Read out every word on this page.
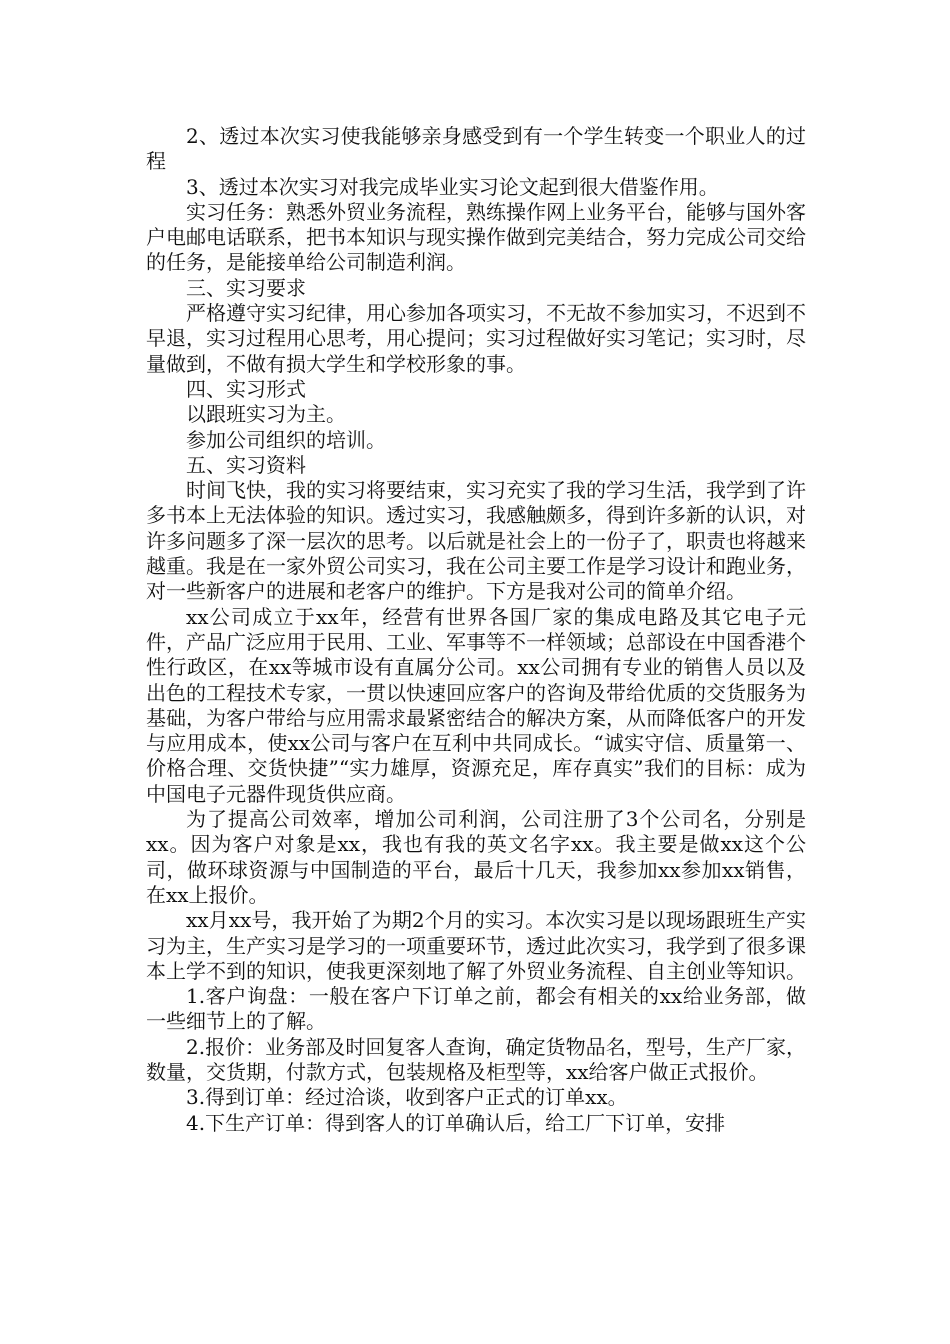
2、透过本次实习使我能够亲身感受到有一个学生转变一个职业人的过程

3、透过本次实习对我完成毕业实习论文起到很大借鉴作用。

实习任务：熟悉外贸业务流程，熟练操作网上业务平台，能够与国外客户电邮电话联系，把书本知识与现实操作做到完美结合，努力完成公司交给的任务，是能接单给公司制造利润。

三、实习要求

严格遵守实习纪律，用心参加各项实习，不无故不参加实习，不迟到不早退，实习过程用心思考，用心提问；实习过程做好实习笔记；实习时，尽量做到，不做有损大学生和学校形象的事。

四、实习形式

以跟班实习为主。

参加公司组织的培训。

五、实习资料

时间飞快，我的实习将要结束，实习充实了我的学习生活，我学到了许多书本上无法体验的知识。透过实习，我感触颇多，得到许多新的认识，对许多问题多了深一层次的思考。以后就是社会上的一份子了，职责也将越来越重。我是在一家外贸公司实习，我在公司主要工作是学习设计和跑业务，对一些新客户的进展和老客户的维护。下方是我对公司的简单介绍。

xx公司成立于xx年，经营有世界各国厂家的集成电路及其它电子元件，产品广泛应用于民用、工业、军事等不一样领域；总部设在中国香港个性行政区，在xx等城市设有直属分公司。xx公司拥有专业的销售人员以及出色的工程技术专家，一贯以快速回应客户的咨询及带给优质的交货服务为基础，为客户带给与应用需求最紧密结合的解决方案，从而降低客户的开发与应用成本，使xx公司与客户在互利中共同成长。“诚实守信、质量第一、价格合理、交货快捷”“实力雄厚，资源充足，库存真实”我们的目标：成为中国电子元器件现货供应商。

为了提高公司效率，增加公司利润，公司注册了3个公司名，分别是xx。因为客户对象是xx，我也有我的英文名字xx。我主要是做xx这个公司，做环球资源与中国制造的平台，最后十几天，我参加xx参加xx销售，在xx上报价。

xx月xx号，我开始了为期2个月的实习。本次实习是以现场跟班生产实习为主，生产实习是学习的一项重要环节，透过此次实习，我学到了很多课本上学不到的知识，使我更深刻地了解了外贸业务流程、自主创业等知识。

1.客户询盘：一般在客户下订单之前，都会有相关的xx给业务部，做一些细节上的了解。

2.报价：业务部及时回复客人查询，确定货物品名，型号，生产厂家，数量，交货期，付款方式，包装规格及柜型等，xx给客户做正式报价。

3.得到订单：经过洽谈，收到客户正式的订单xx。

4.下生产订单：得到客人的订单确认后，给工厂下订单，安排
